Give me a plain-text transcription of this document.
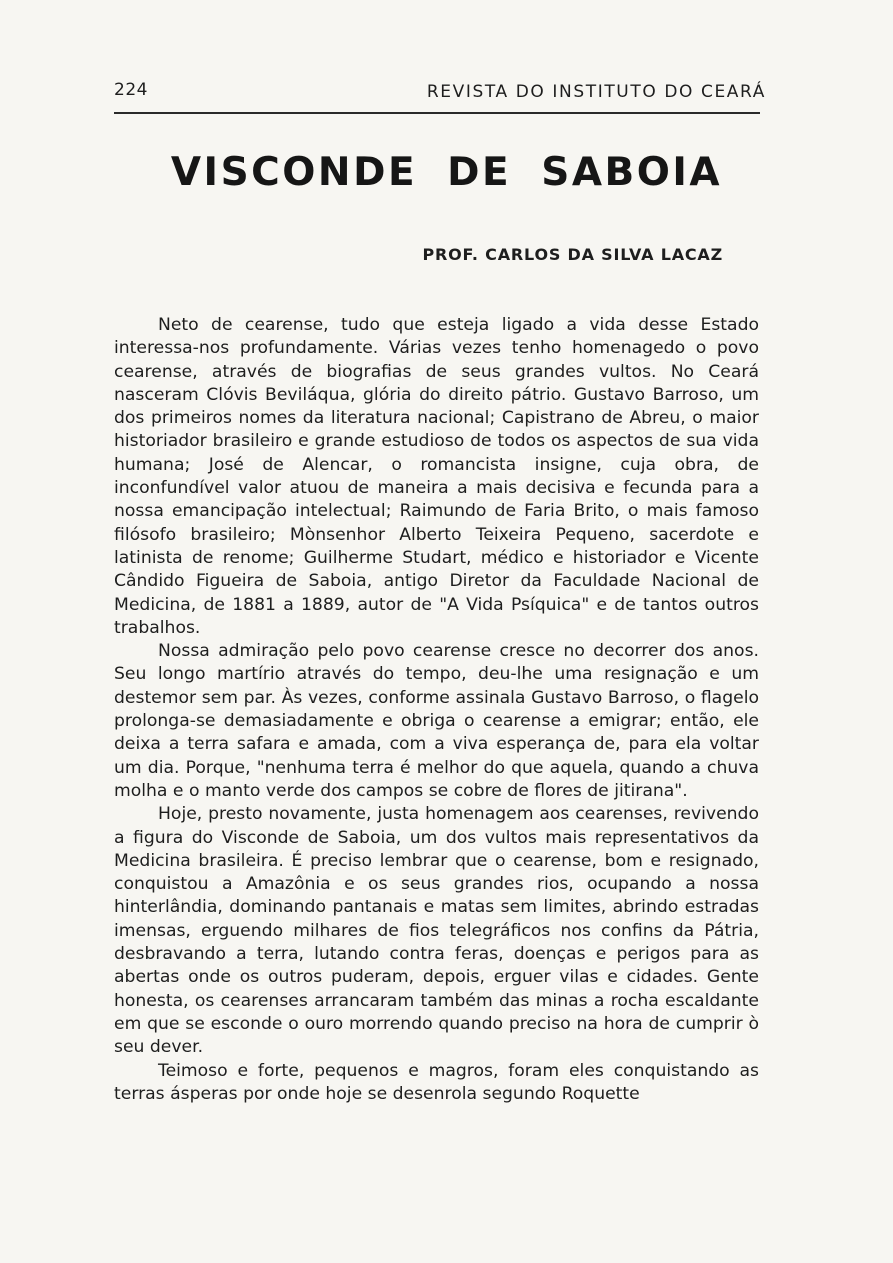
224	REVISTA DO INSTITUTO DO CEARÁ
VISCONDE DE SABOIA
PROF. CARLOS DA SILVA LACAZ

Neto de cearense, tudo que esteja ligado a vida desse Estado interessa-nos profundamente. Várias vezes tenho homenagedo o povo cearense, através de biografias de seus grandes vultos. No Ceará nasceram Clóvis Beviláqua, glória do direito pátrio. Gustavo Barroso, um dos primeiros nomes da literatura nacional; Capistrano de Abreu, o maior historiador brasileiro e grande estudioso de todos os aspectos de sua vida humana; José de Alencar, o romancista insigne, cuja obra, de inconfundível valor atuou de maneira a mais decisiva e fecunda para a nossa emancipação intelectual; Raimundo de Faria Brito, o mais famoso filósofo brasileiro; Mònsenhor Alberto Teixeira Pequeno, sacerdote e latinista de renome; Guilherme Studart, médico e historiador e Vicente Cândido Figueira de Saboia, antigo Diretor da Faculdade Nacional de Medicina, de 1881 a 1889, autor de "A Vida Psíquica" e de tantos outros trabalhos.

Nossa admiração pelo povo cearense cresce no decorrer dos anos. Seu longo martírio através do tempo, deu-lhe uma resignação e um destemor sem par. Às vezes, conforme assinala Gustavo Barroso, o flagelo prolonga-se demasiadamente e obriga o cearense a emigrar; então, ele deixa a terra safara e amada, com a viva esperança de, para ela voltar um dia. Porque, "nenhuma terra é melhor do que aquela, quando a chuva molha e o manto verde dos campos se cobre de flores de jitirana".

Hoje, presto novamente, justa homenagem aos cearenses, revivendo a figura do Visconde de Saboia, um dos vultos mais representativos da Medicina brasileira. É preciso lembrar que o cearense, bom e resignado, conquistou a Amazônia e os seus grandes rios, ocupando a nossa hinterlândia, dominando pantanais e matas sem limites, abrindo estradas imensas, erguendo milhares de fios telegráficos nos confins da Pátria, desbravando a terra, lutando contra feras, doenças e perigos para as abertas onde os outros puderam, depois, erguer vilas e cidades. Gente honesta, os cearenses arrancaram também das minas a rocha escaldante em que se esconde o ouro morrendo quando preciso na hora de cumprir ò seu dever.

Teimoso e forte, pequenos e magros, foram eles conquistando as terras ásperas por onde hoje se desenrola segundo Roquette
